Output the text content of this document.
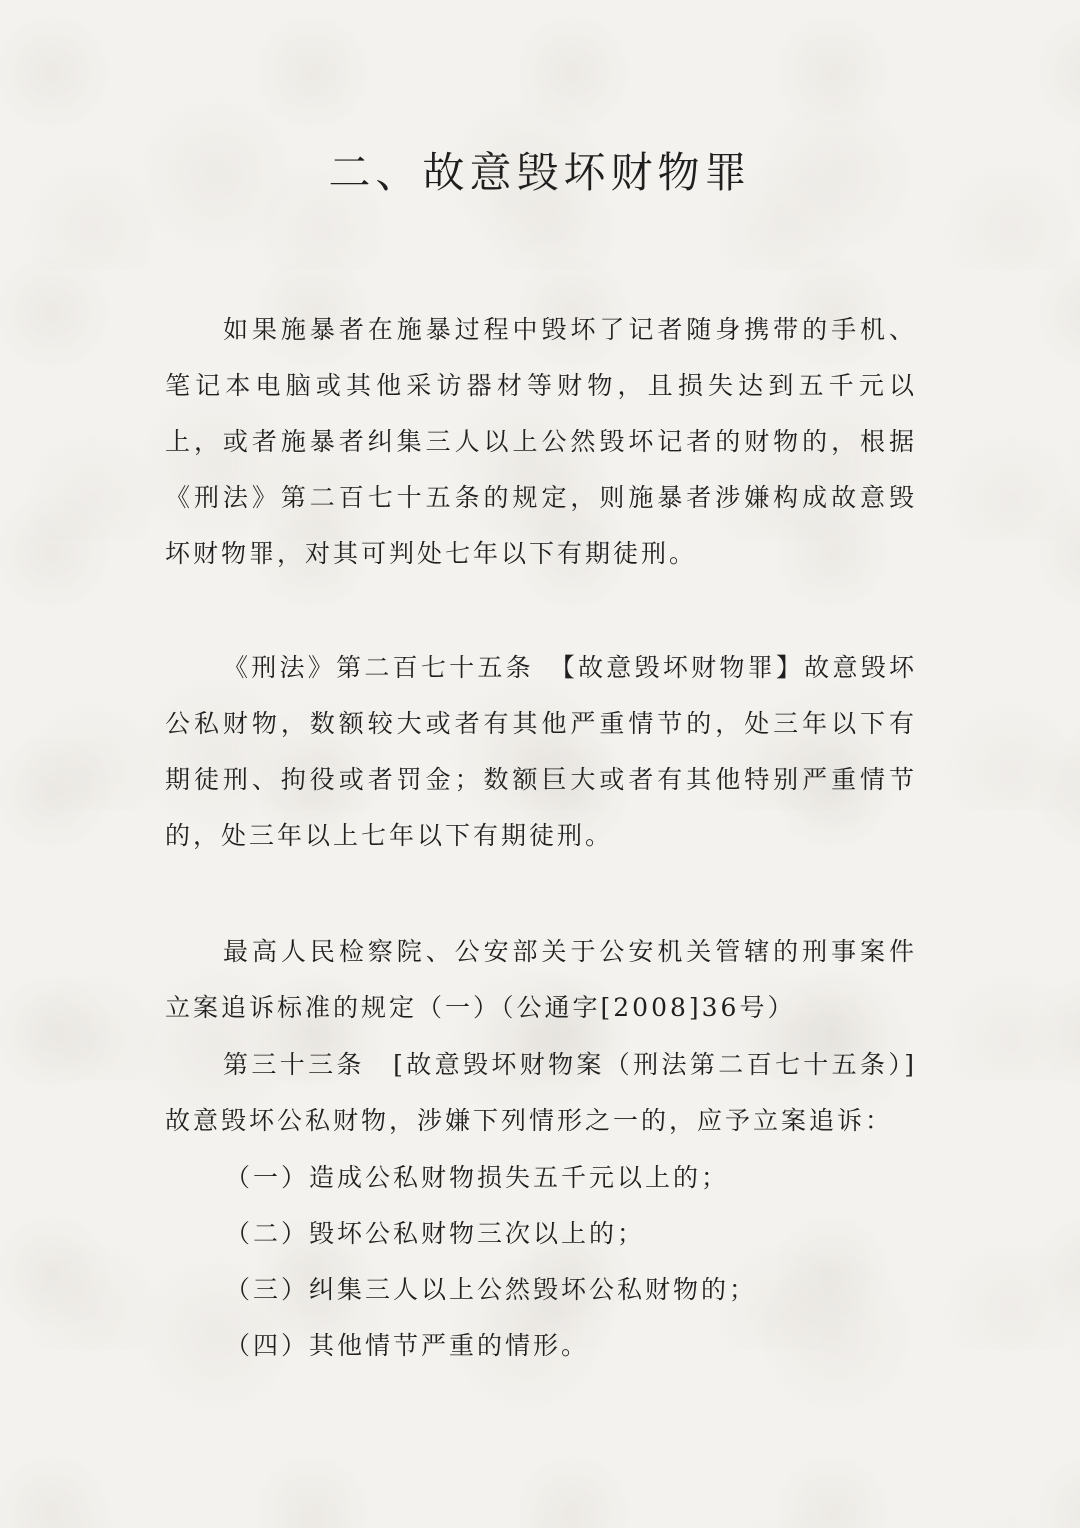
二、故意毁坏财物罪

如果施暴者在施暴过程中毁坏了记者随身携带的手机、笔记本电脑或其他采访器材等财物，且损失达到五千元以上，或者施暴者纠集三人以上公然毁坏记者的财物的，根据《刑法》第二百七十五条的规定，则施暴者涉嫌构成故意毁坏财物罪，对其可判处七年以下有期徒刑。

《刑法》第二百七十五条　【故意毁坏财物罪】故意毁坏公私财物，数额较大或者有其他严重情节的，处三年以下有期徒刑、拘役或者罚金；数额巨大或者有其他特别严重情节的，处三年以上七年以下有期徒刑。

最高人民检察院、公安部关于公安机关管辖的刑事案件立案追诉标准的规定（一）（公通字[2008]36号）

第三十三条　[故意毁坏财物案（刑法第二百七十五条）]故意毁坏公私财物，涉嫌下列情形之一的，应予立案追诉：

（一）造成公私财物损失五千元以上的；

（二）毁坏公私财物三次以上的；

（三）纠集三人以上公然毁坏公私财物的；

（四）其他情节严重的情形。
